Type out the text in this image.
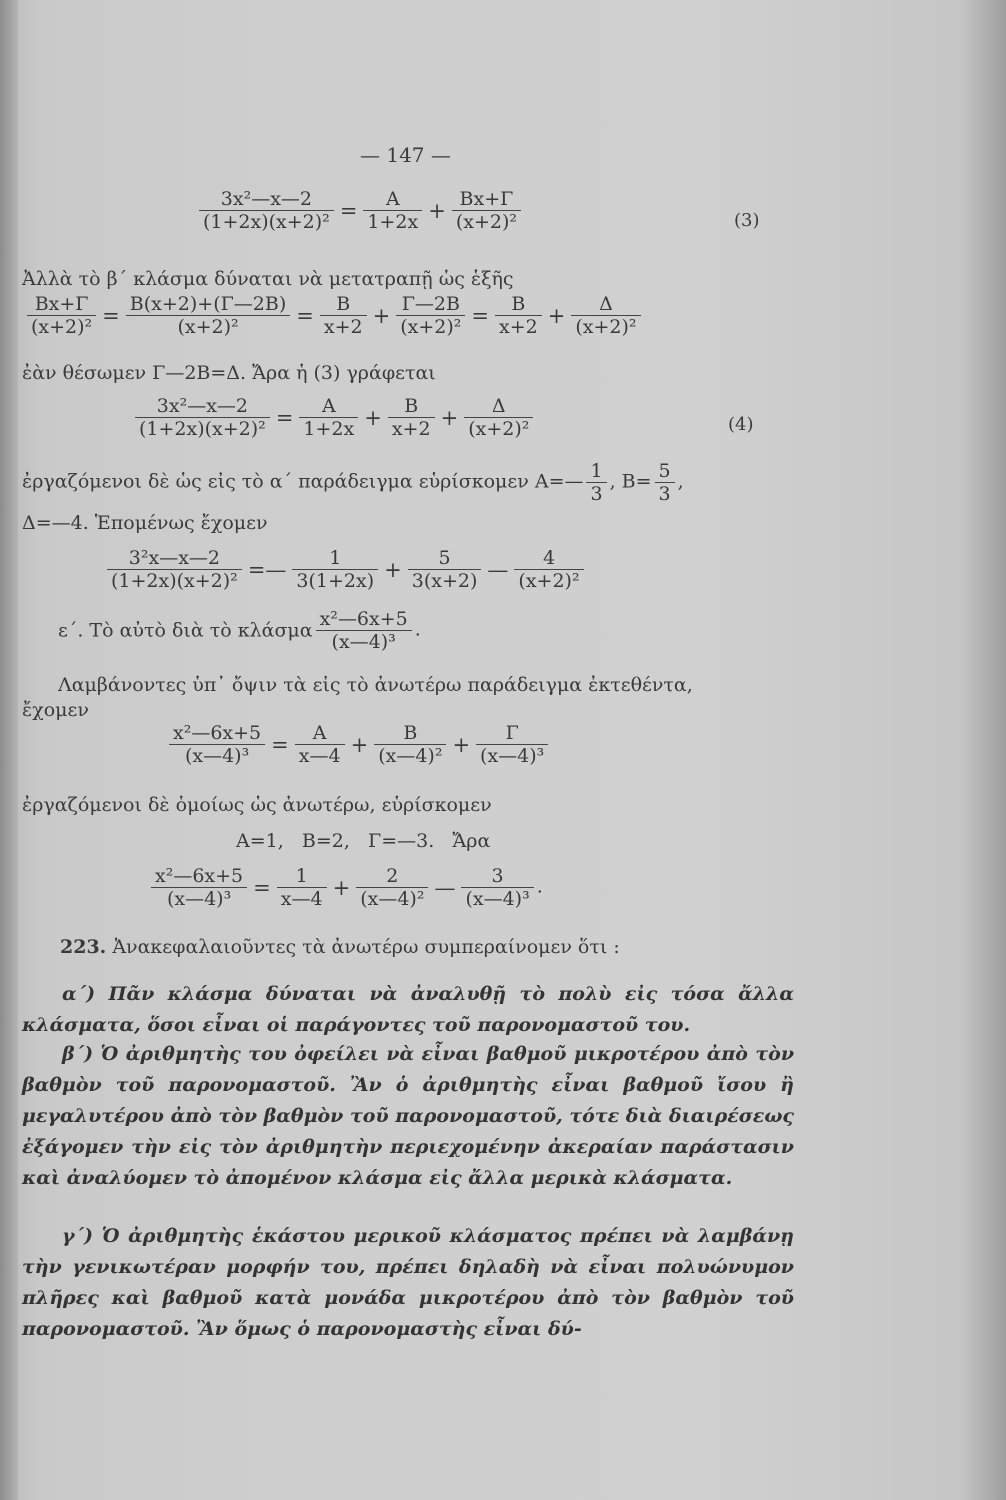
— 147 —
$\frac{\text{3x²—x—2}}{\text{(1+2x)(x+2)²}} = \frac{A}{1+2x} + \frac{Bx+\Gamma}{\text{(x+2)²}}$	(3)
Ἀλλὰ τὸ β΄ κλάσμα δύναται νὰ μετατραπῇ ὡς ἑξῆς
$\frac{Bx+\Gamma}{\text{(x+2)²}} = \frac{B(x+2)+(\Gamma—2B)}{\text{(x+2)²}} = \frac{B}{x+2} + \frac{\Gamma—2B}{\text{(x+2)²}} = \frac{B}{x+2} + \frac{\Delta}{\text{(x+2)²}}$
ἐὰν θέσωμεν Γ—2B=Δ. Ἄρα ἡ (3) γράφεται
$\frac{\text{3x²—x—2}}{\text{(1+2x)(x+2)²}} = \frac{A}{1+2x} + \frac{B}{x+2} + \frac{\Delta}{\text{(x+2)²}}$	(4)
ἐργαζόμενοι δὲ ὡς εἰς τὸ α΄ παράδειγμα εὑρίσκομεν A=— $\frac{1}{3}$ , $B= \frac{5}{3}$ ,
Δ=—4. Ἑπομένως ἔχομεν
$\frac{\text{3²x—x—2}}{\text{(1+2x)(x+2)²}}$ =— $\frac{1}{3(1+2x)} + \frac{5}{3(x+2)}$ — $\frac{4}{\text{(x+2)²}}$
ε΄. Τὸ αὐτὸ διὰ τὸ κλάσμα $\frac{\text{x²—6x+5}}{\text{(x—4)³}}$ .
Λαμβάνοντες ὑπ᾿ ὄψιν τὰ εἰς τὸ ἀνωτέρω παράδειγμα ἐκτεθέντα,
ἔχομεν
$\frac{\text{x²—6x+5}}{\text{(x—4)³}} = \frac{A}{x—4} + \frac{B}{\text{(x—4)²}} + \frac{\Gamma}{\text{(x—4)³}}$
ἐργαζόμενοι δὲ ὁμοίως ὡς ἀνωτέρω, εὑρίσκομεν
A=1,   B=2,   Γ=—3.   Ἄρα
$\frac{\text{x²—6x+5}}{\text{(x—4)³}} = \frac{1}{x—4} + \frac{2}{\text{(x—4)²}}$ — $\frac{3}{\text{(x—4)³}}$ .
223. Ἀνακεφαλαιοῦντες τὰ ἀνωτέρω συμπεραίνομεν ὅτι :
α΄) Πᾶν κλάσμα δύναται νὰ ἀναλυθῇ τὸ πολὺ εἰς τόσα ἄλλα κλάσματα, ὅσοι εἶναι οἱ παράγοντες τοῦ παρονομαστοῦ του.
β΄) Ὁ ἀριθμητὴς του ὀφείλει νὰ εἶναι βαθμοῦ μικροτέρου ἀπὸ τὸν βαθμὸν τοῦ παρονομαστοῦ. Ἂν ὁ ἀριθμητὴς εἶναι βαθμοῦ ἴσου ἢ μεγαλυτέρου ἀπὸ τὸν βαθμὸν τοῦ παρονομαστοῦ, τότε διὰ διαιρέσεως ἐξάγομεν τὴν εἰς τὸν ἀριθμητὴν περιεχομένην ἀκεραίαν παράστασιν καὶ ἀναλύομεν τὸ ἀπομένον κλάσμα εἰς ἄλλα μερικὰ κλάσματα.
γ΄) Ὁ ἀριθμητὴς ἑκάστου μερικοῦ κλάσματος πρέπει νὰ λαμβάνῃ τὴν γενικωτέραν μορφήν του, πρέπει δηλαδὴ νὰ εἶναι πολυώνυμον πλῆρες καὶ βαθμοῦ κατὰ μονάδα μικροτέρου ἀπὸ τὸν βαθμὸν τοῦ παρονομαστοῦ. Ἂν ὅμως ὁ παρονομαστὴς εἶναι δύ-
